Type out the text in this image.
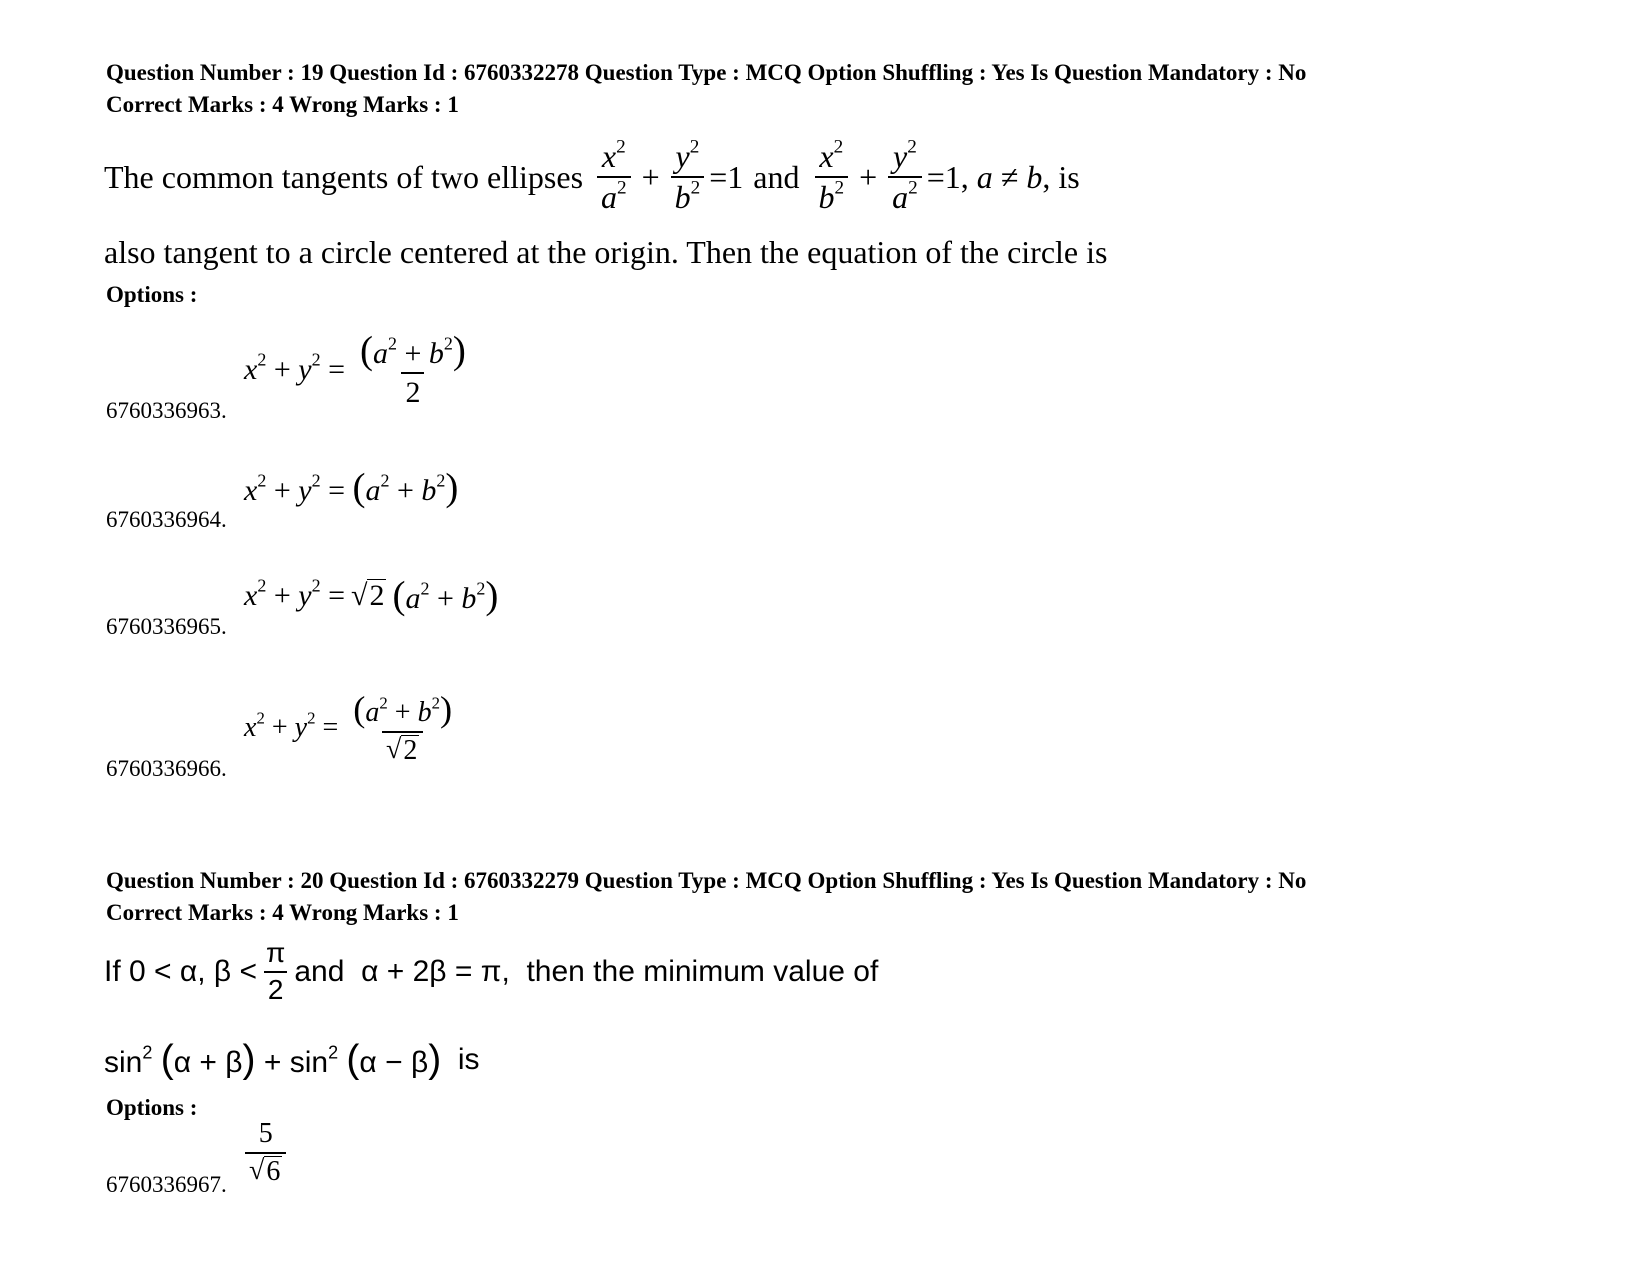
Question Number : 19 Question Id : 6760332278 Question Type : MCQ Option Shuffling : Yes Is Question Mandatory : No
Correct Marks : 4 Wrong Marks : 1
The common tangents of two ellipses $\frac{x^2}{a^2} + \frac{y^2}{b^2} =1$ and $\frac{x^2}{b^2} + \frac{y^2}{a^2} =1$, a ≠ b, is
also tangent to a circle centered at the origin. Then the equation of the circle is
Options :
6760336963.
$x^2 + y^2 = \frac{(a^2 + b^2)}{2}$
6760336964.
$x^2 + y^2 = (a^2 + b^2)$
6760336965.
$x^2 + y^2$ = √ 2 $(a^2 + b^2)$
6760336966.
$x^2 + y^2 = \frac{(a^2 + b^2)}{√ 2}$
Question Number : 20 Question Id : 6760332279 Question Type : MCQ Option Shuffling : Yes Is Question Mandatory : No
Correct Marks : 4 Wrong Marks : 1
If 0 < α, $\beta < \frac{\pi}{2}$ and α + 2β = π, then the minimum value of
$\sin^2 (\alpha + \beta) + \sin^2 (\alpha - \beta)$ is
Options :
6760336967. $\frac{5}{√ 6}$
